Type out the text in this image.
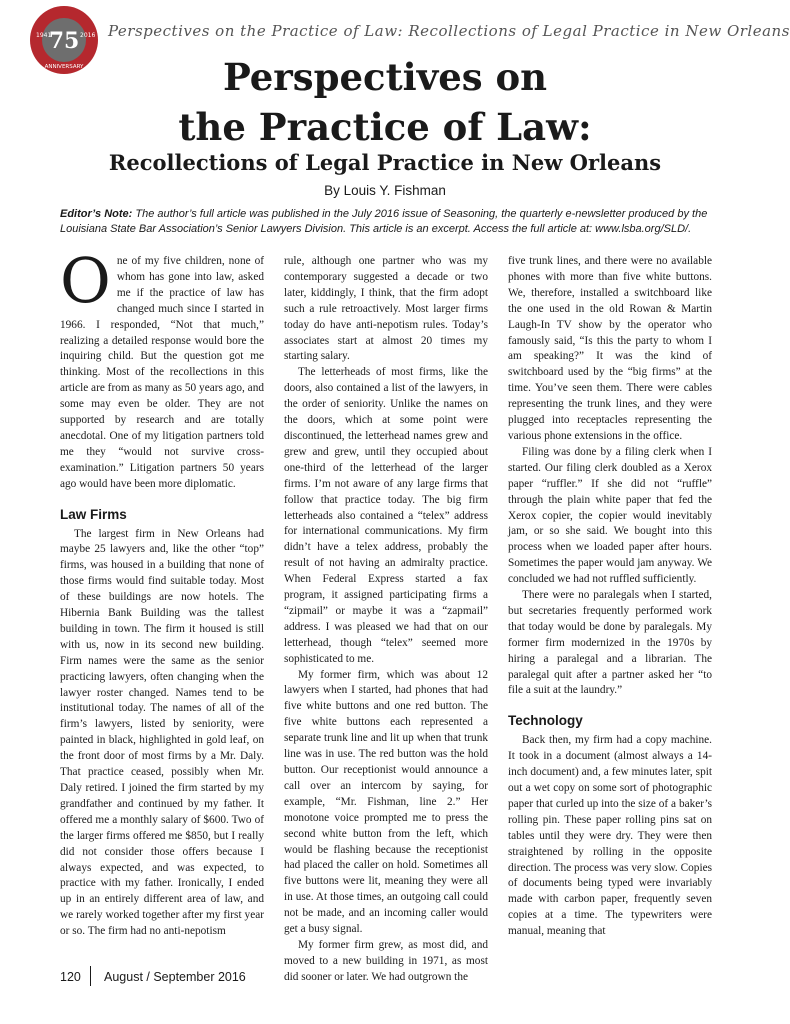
1941	2016
75
ANNIVERSARY
Perspectives on the Practice of Law: Recollections of Legal Practice in New Orleans
Perspectives on
the Practice of Law:
Recollections of Legal Practice in New Orleans
By Louis Y. Fishman
Editor’s Note: The author’s full article was published in the July 2016 issue of Seasoning, the quarterly e-newsletter produced by the Louisiana State Bar Association’s Senior Lawyers Division. This article is an excerpt. Access the full article at: www.lsba.org/SLD/.

One of my five children, none of whom has gone into law, asked me if the practice of law has changed much since I started in 1966. I responded, “Not that much,” realizing a detailed response would bore the inquiring child. But the question got me thinking. Most of the recollections in this article are from as many as 50 years ago, and some may even be older. They are not supported by research and are totally anecdotal. One of my litigation partners told me they “would not survive cross-examination.” Litigation partners 50 years ago would have been more diplomatic.

Law Firms

The largest firm in New Orleans had maybe 25 lawyers and, like the other “top” firms, was housed in a building that none of those firms would find suitable today. Most of these buildings are now hotels. The Hibernia Bank Building was the tallest building in town. The firm it housed is still with us, now in its second new building. Firm names were the same as the senior practicing lawyers, often changing when the lawyer roster changed. Names tend to be institutional today. The names of all of the firm’s lawyers, listed by seniority, were painted in black, highlighted in gold leaf, on the front door of most firms by a Mr. Daly. That practice ceased, possibly when Mr. Daly retired. I joined the firm started by my grandfather and continued by my father. It offered me a monthly salary of $600. Two of the larger firms offered me $850, but I really did not consider those offers because I always expected, and was expected, to practice with my father. Ironically, I ended up in an entirely different area of law, and we rarely worked together after my first year or so. The firm had no anti-nepotism

rule, although one partner who was my contemporary suggested a decade or two later, kiddingly, I think, that the firm adopt such a rule retroactively. Most larger firms today do have anti-nepotism rules. Today’s associates start at almost 20 times my starting salary.

The letterheads of most firms, like the doors, also contained a list of the lawyers, in the order of seniority. Unlike the names on the doors, which at some point were discontinued, the letterhead names grew and grew and grew, until they occupied about one-third of the letterhead of the larger firms. I’m not aware of any large firms that follow that practice today. The big firm letterheads also contained a “telex” address for international communications. My firm didn’t have a telex address, probably the result of not having an admiralty practice. When Federal Express started a fax program, it assigned participating firms a “zipmail” or maybe it was a “zapmail” address. I was pleased we had that on our letterhead, though “telex” seemed more sophisticated to me.

My former firm, which was about 12 lawyers when I started, had phones that had five white buttons and one red button. The five white buttons each represented a separate trunk line and lit up when that trunk line was in use. The red button was the hold button. Our receptionist would announce a call over an intercom by saying, for example, “Mr. Fishman, line 2.” Her monotone voice prompted me to press the second white button from the left, which would be flashing because the receptionist had placed the caller on hold. Sometimes all five buttons were lit, meaning they were all in use. At those times, an outgoing call could not be made, and an incoming caller would get a busy signal.

My former firm grew, as most did, and moved to a new building in 1971, as most did sooner or later. We had outgrown the

five trunk lines, and there were no available phones with more than five white buttons. We, therefore, installed a switchboard like the one used in the old Rowan & Martin Laugh-In TV show by the operator who famously said, “Is this the party to whom I am speaking?” It was the kind of switchboard used by the “big firms” at the time. You’ve seen them. There were cables representing the trunk lines, and they were plugged into receptacles representing the various phone extensions in the office.

Filing was done by a filing clerk when I started. Our filing clerk doubled as a Xerox paper “ruffler.” If she did not “ruffle” through the plain white paper that fed the Xerox copier, the copier would inevitably jam, or so she said. We bought into this process when we loaded paper after hours. Sometimes the paper would jam anyway. We concluded we had not ruffled sufficiently.

There were no paralegals when I started, but secretaries frequently performed work that today would be done by paralegals. My former firm modernized in the 1970s by hiring a paralegal and a librarian. The paralegal quit after a partner asked her “to file a suit at the laundry.”

Technology

Back then, my firm had a copy machine. It took in a document (almost always a 14-inch document) and, a few minutes later, spit out a wet copy on some sort of photographic paper that curled up into the size of a baker’s rolling pin. These paper rolling pins sat on tables until they were dry. They were then straightened by rolling in the opposite direction. The process was very slow. Copies of documents being typed were invariably made with carbon paper, frequently seven copies at a time. The typewriters were manual, meaning that

120 August / September 2016
